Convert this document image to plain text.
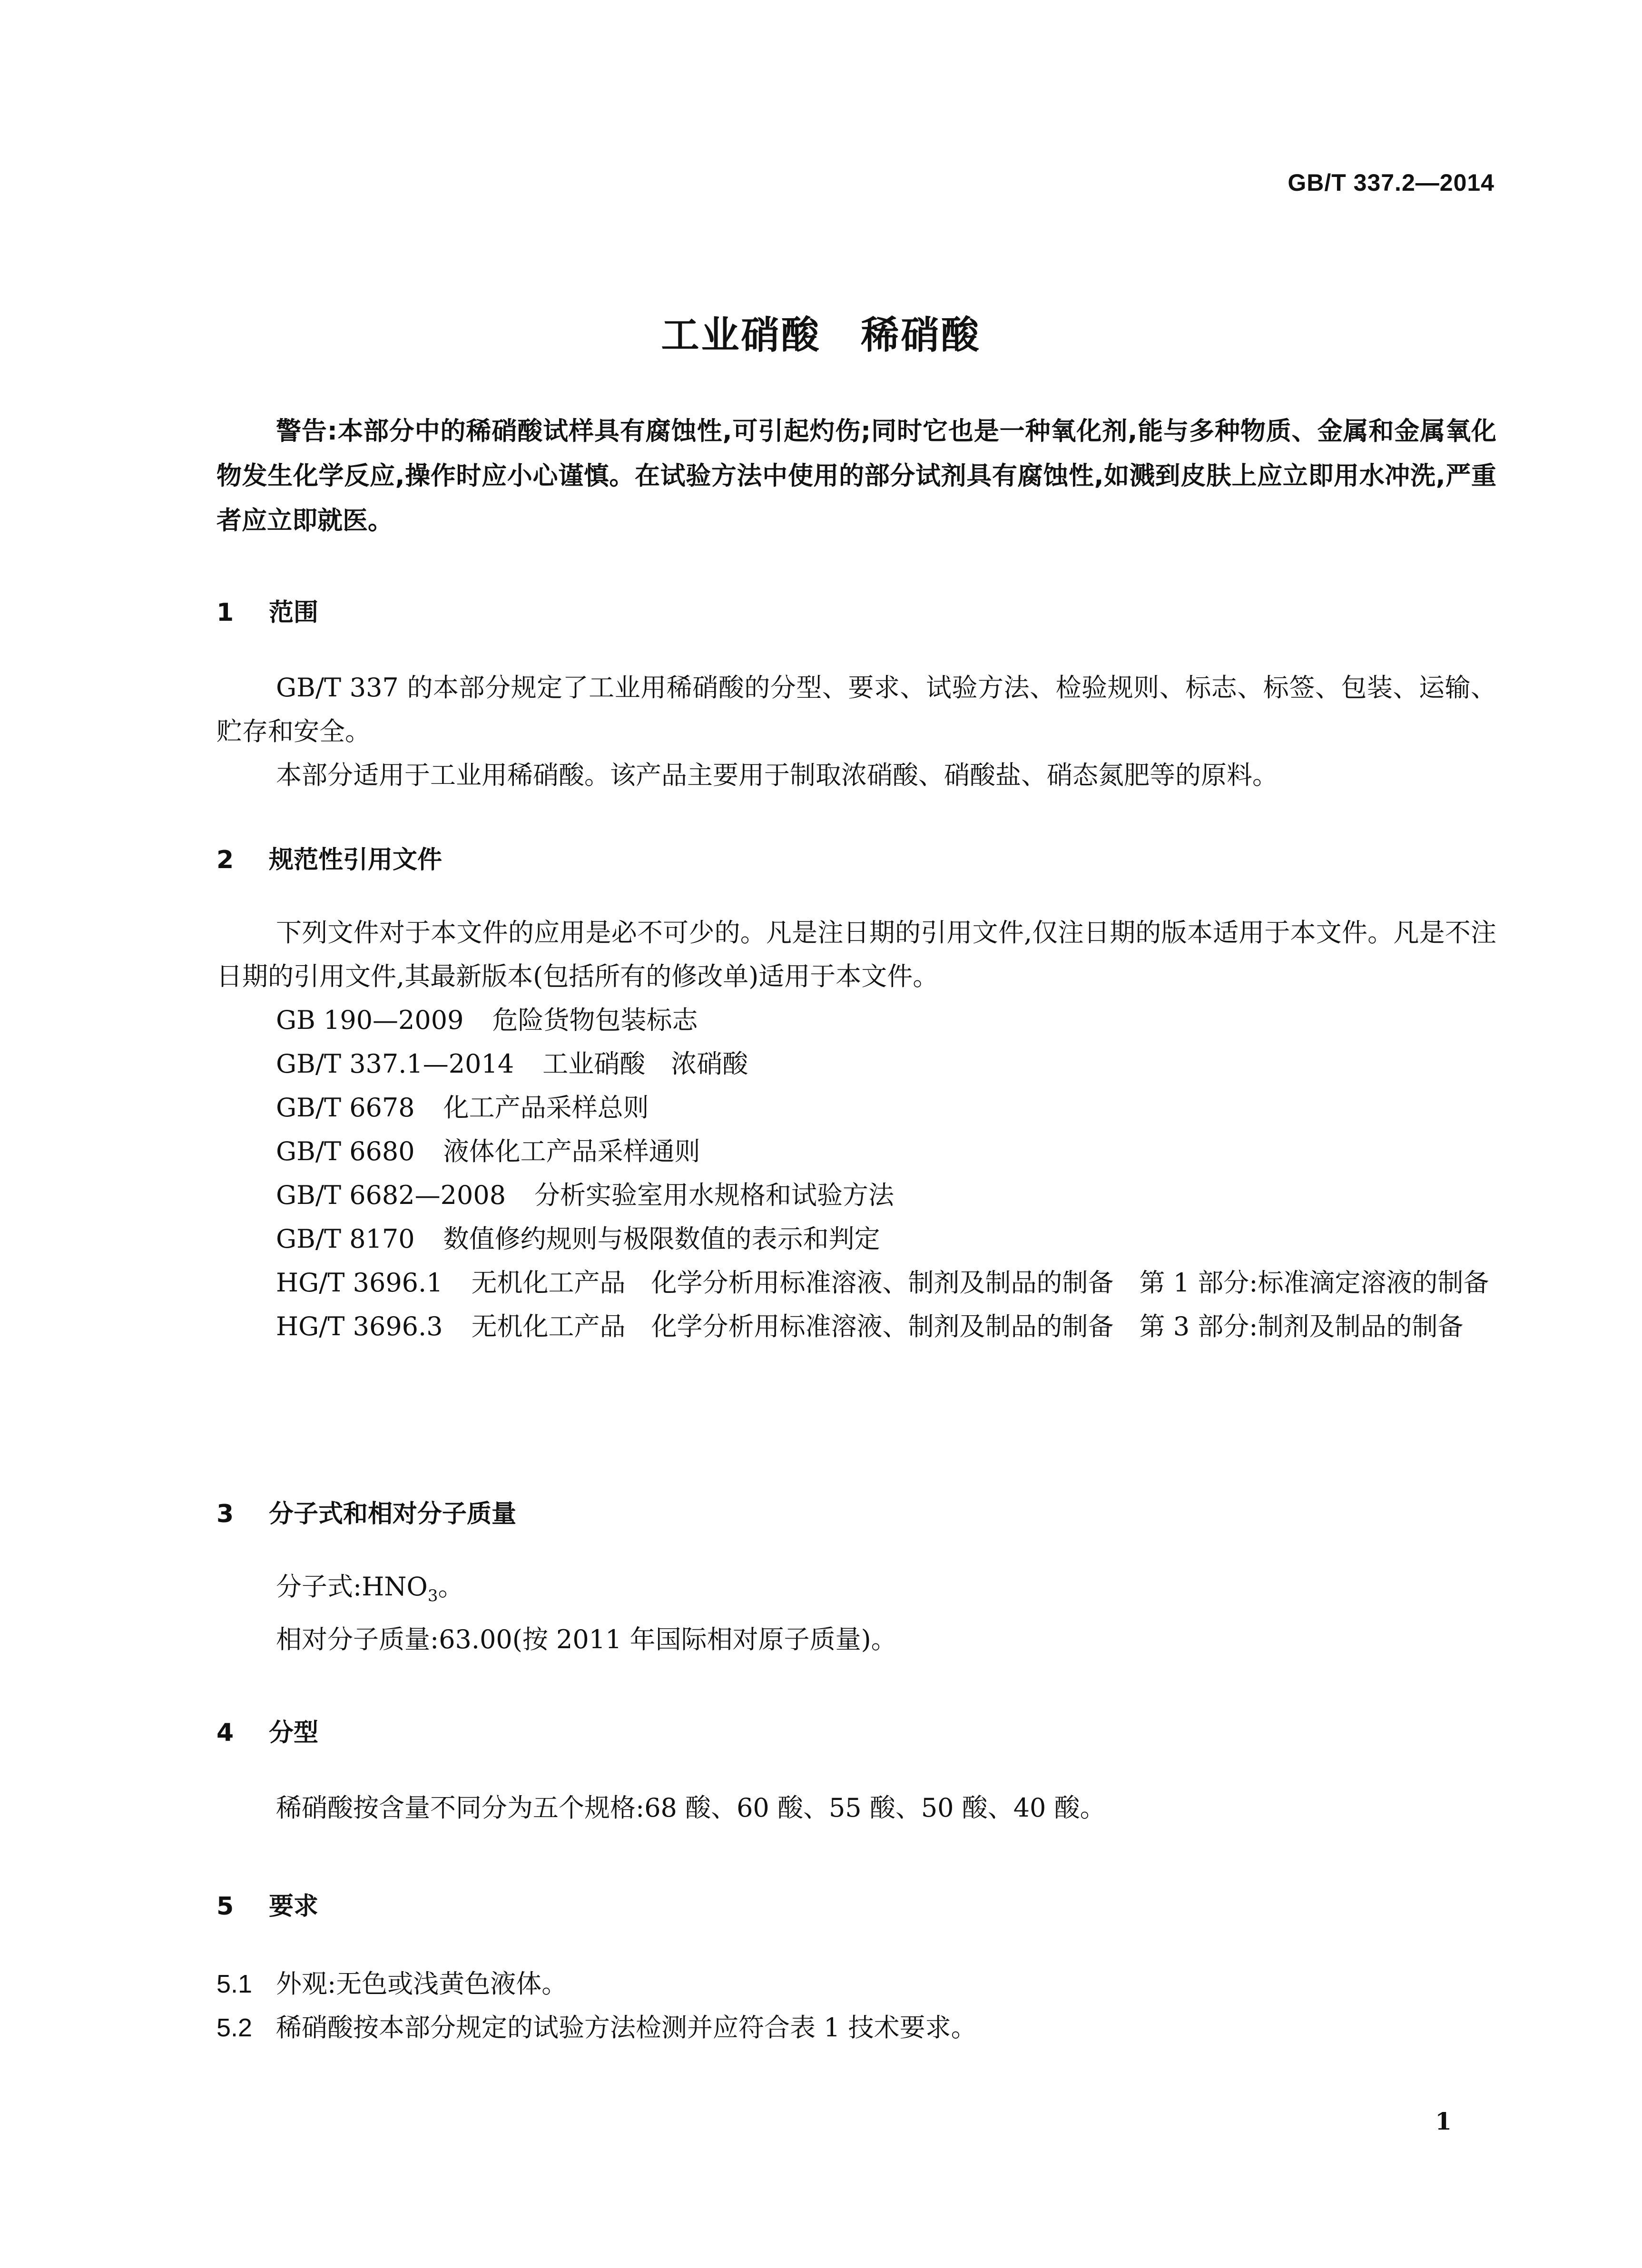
GB/T 337.2—2014
工业硝酸　稀硝酸

警告:本部分中的稀硝酸试样具有腐蚀性,可引起灼伤;同时它也是一种氧化剂,能与多种物质、金属和金属氧化物发生化学反应,操作时应小心谨慎。在试验方法中使用的部分试剂具有腐蚀性,如溅到皮肤上应立即用水冲洗,严重者应立即就医。

1 范围

GB/T 337 的本部分规定了工业用稀硝酸的分型、要求、试验方法、检验规则、标志、标签、包装、运输、贮存和安全。

本部分适用于工业用稀硝酸。该产品主要用于制取浓硝酸、硝酸盐、硝态氮肥等的原料。

2 规范性引用文件

下列文件对于本文件的应用是必不可少的。凡是注日期的引用文件,仅注日期的版本适用于本文件。凡是不注日期的引用文件,其最新版本(包括所有的修改单)适用于本文件。

GB 190—2009 危险货物包装标志

GB/T 337.1—2014 工业硝酸　浓硝酸

GB/T 6678 化工产品采样总则

GB/T 6680 液体化工产品采样通则

GB/T 6682—2008 分析实验室用水规格和试验方法

GB/T 8170 数值修约规则与极限数值的表示和判定

HG/T 3696.1 无机化工产品　化学分析用标准溶液、制剂及制品的制备　第 1 部分:标准滴定溶液的制备

HG/T 3696.3 无机化工产品　化学分析用标准溶液、制剂及制品的制备　第 3 部分:制剂及制品的制备

3 分子式和相对分子质量

分子式$:HNO_3$。

相对分子质量:63.00(按 2011 年国际相对原子质量)。

4 分型

稀硝酸按含量不同分为五个规格:68 酸、60 酸、55 酸、50 酸、40 酸。

5 要求

5.1 外观:无色或浅黄色液体。

5.2 稀硝酸按本部分规定的试验方法检测并应符合表 1 技术要求。

1
